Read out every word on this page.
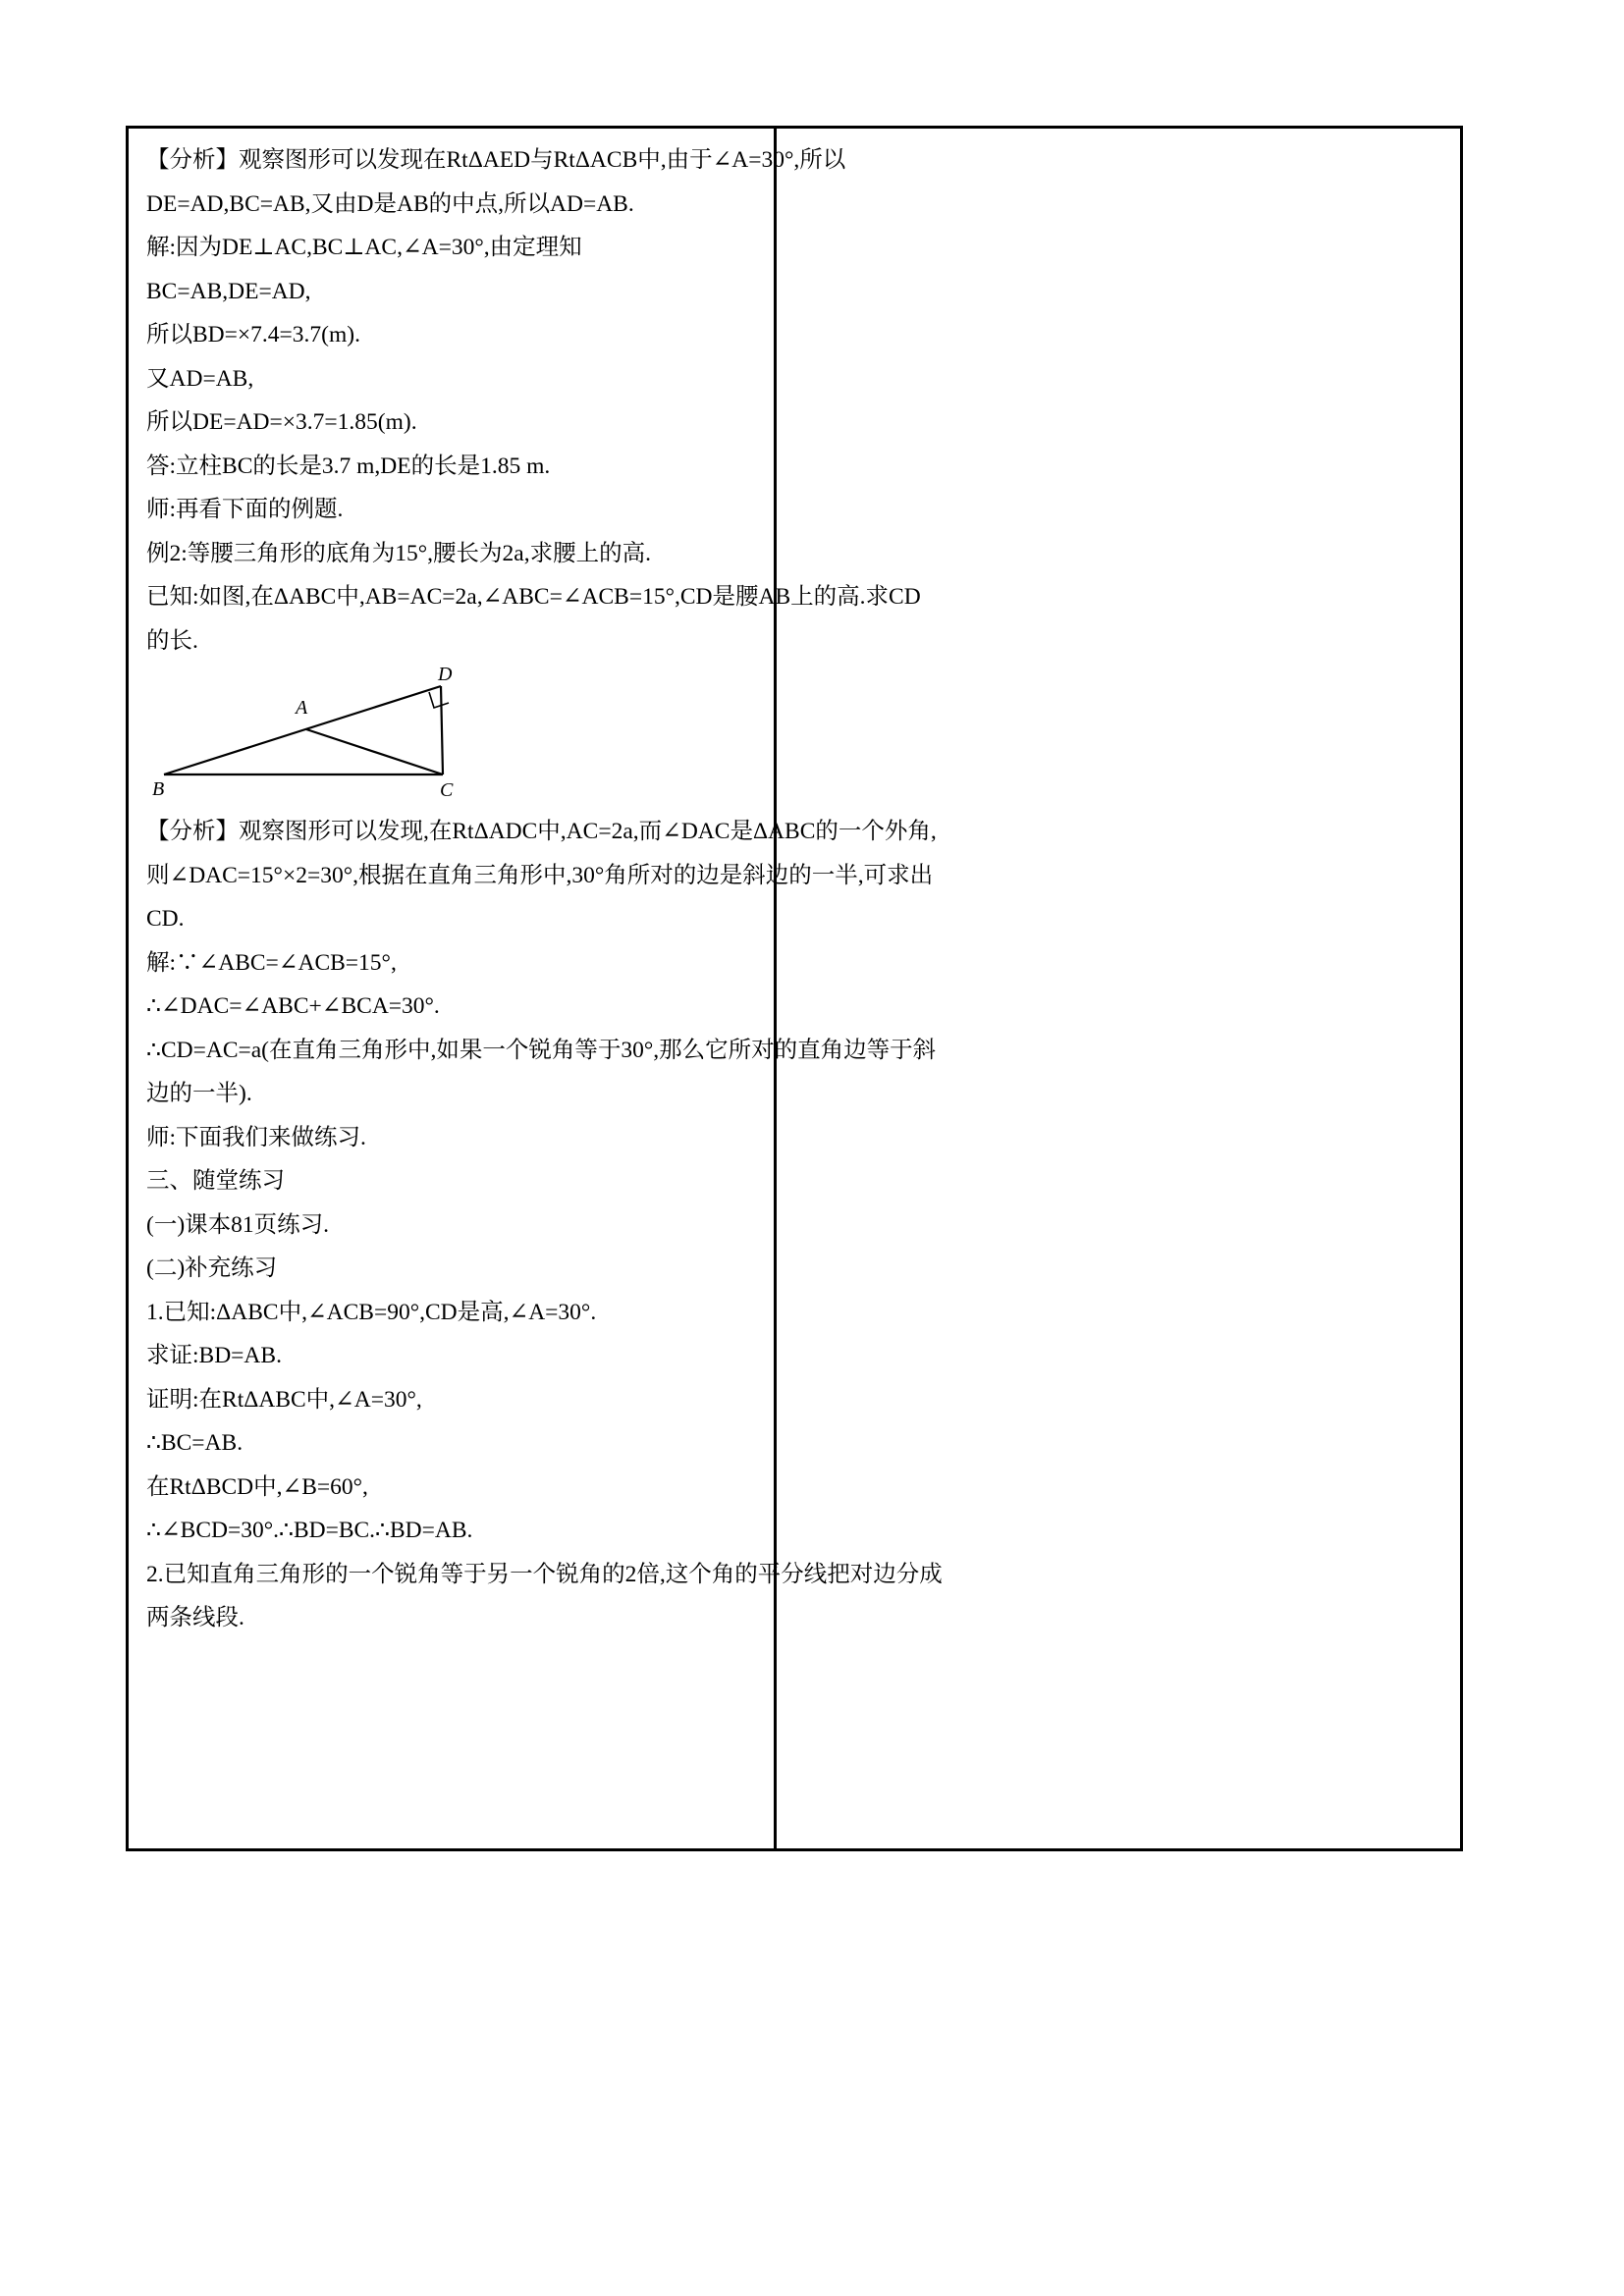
【分析】观察图形可以发现在RtΔAED与RtΔACB中,由于∠A=30°,所以
DE=AD,BC=AB,又由D是AB的中点,所以AD=AB.
解:因为DE⊥AC,BC⊥AC,∠A=30°,由定理知
BC=AB,DE=AD,
所以BD=×7.4=3.7(m).
又AD=AB,
所以DE=AD=×3.7=1.85(m).
答:立柱BC的长是3.7 m,DE的长是1.85 m.
师:再看下面的例题.
例2:等腰三角形的底角为15°,腰长为2a,求腰上的高.
已知:如图,在ΔABC中,AB=AC=2a,∠ABC=∠ACB=15°,CD是腰AB上的高.求CD
的长.
B	C
A
D
【分析】观察图形可以发现,在RtΔADC中,AC=2a,而∠DAC是ΔABC的一个外角,
则∠DAC=15°×2=30°,根据在直角三角形中,30°角所对的边是斜边的一半,可求出
CD.
解:∵∠ABC=∠ACB=15°,
∴∠DAC=∠ABC+∠BCA=30°.
∴CD=AC=a(在直角三角形中,如果一个锐角等于30°,那么它所对的直角边等于斜
边的一半).
师:下面我们来做练习.
三、随堂练习
(一)课本81页练习.
(二)补充练习
1.已知:ΔABC中,∠ACB=90°,CD是高,∠A=30°.
求证:BD=AB.
证明:在RtΔABC中,∠A=30°,
∴BC=AB.
在RtΔBCD中,∠B=60°,
∴∠BCD=30°.∴BD=BC.∴BD=AB.
2.已知直角三角形的一个锐角等于另一个锐角的2倍,这个角的平分线把对边分成
两条线段.
